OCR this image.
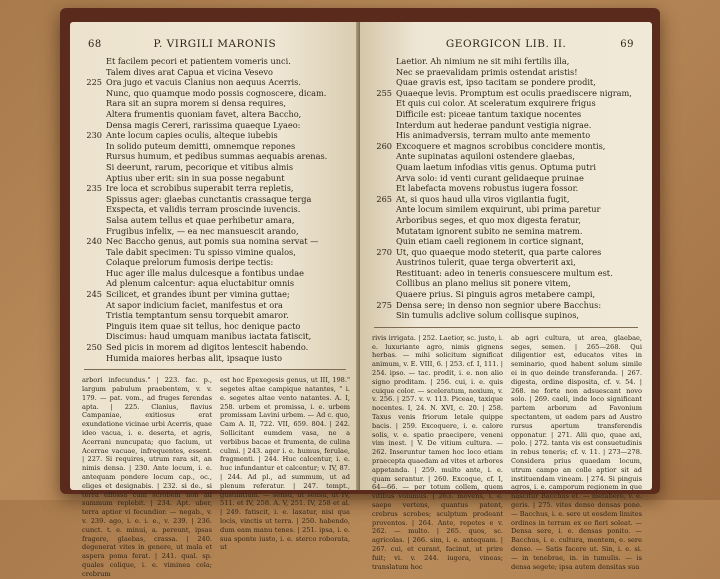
68	P. VIRGILI MARONIS
Et facilem pecori et patientem vomeris unci.
Talem dives arat Capua et vicina Vesevo
225 Ora jugo et vacuis Clanius non aequus Acerris.
Nunc, quo quamque modo possis cognoscere, dicam.
Rara sit an supra morem si densa requires,
Altera frumentis quoniam favet, altera Baccho,
Densa magis Cereri, rarissima quaeque Lyaeo:
230 Ante locum capies oculis, alteque iubebis
In solido puteum demitti, omnemque repones
Rursus humum, et pedibus summas aequabis arenas.
Si deerunt, rarum, pecorique et vitibus almis
Aptius uber erit: sin in sua posse negabunt
235 Ire loca et scrobibus superabit terra repletis,
Spissus ager: glaebas cunctantis crassaque terga
Exspecta, et validis terram proscinde iuvencis.
Salsa autem tellus et quae perhibetur amara,
Frugibus infelix, — ea nec mansuescit arando,
240 Nec Baccho genus, aut pomis sua nomina servat —
Tale dabit specimen: Tu spisso vimine qualos,
Colaque prelorum fumosis deripe tectis:
Huc ager ille malus dulcesque a fontibus undae
Ad plenum calcentur: aqua eluctabitur omnis
245 Scilicet, et grandes ibunt per vimina guttae;
At sapor indicium faciet, manifestus et ora
Tristia temptantum sensu torquebit amaror.
Pinguis item quae sit tellus, hoc denique pacto
Discimus: haud umquam manibus iactata fatiscit,
250 Sed picis in morem ad digitos lentescit habendo.
Humida maiores herbas alit, ipsaque iusto

arbori infecundus." | 223. fac. p., largum pabulum praebentem, v. v. 179. — pat. vom., ad fruges ferendas apta. | 225. Clanius, flavius Campaniae, exitiosus erat exundatione vicinae urbi Acerris, quae ideo vacua, i. e. deserta, et agris, Acerrani nuncupata; quo facium, ut Acerrae vacuae, infrequentes, essent. | 227. Si requires, utrum rara sit, an nimis densa. | 230. Ante locum, i. e. antequam pondere locum cap., oc., eliges et designabis. | 232. si de., si terra effossa cum scrobem non ad summum replebit. | 234. Apt. uber, terra aptior vi fecundior. — negab., v. v. 239. ago, i. e. i. e., v. 239. | 236. cunct. t. e. minui, a. pereunt, ipsas fragere, glaebas, crassa. | 240. degenerat vites in genere, ut mala et aspera poma ferat. | 241. qual. sp. quales colique, i. e. viminea cola; crebrum

est hoc Epexegesis genus, ut III, 198." segetes altae campique natantes, " i. e. segetes altae vento natantes. A. I, 258. urbem et promissa, i. e. urbem promissam Lavini urbem. — Ad c. quo, Cam A. II, 722. VII, 659. 804. | 242. Sollicitant eumdem vasa, ne a verbibus bacae et frumenta, de culina culmi. | 243. ager i. e. humus, ferulae, fragmenti. | 244. Huc calcentur, i. e. huc infundantur et calcentur; v. IV, 87. | 244. Ad pl., ad summum, ut ad plenum referatur. | 247. tempt., gustantium. — sensu, ut sensu, ut IV, 511. et IV, 258. A. V, 251. IV, 258 et al. | 249. fatiscit, i. e. laxatur, nisi qua locis, vinctis ut terra. | 250. habendo, dum eam manu tenes. | 251. ipsa, i. e. sua sponte iusto, i. e. sterco roborata, ut

GEORGICON LIB. II.	69
Laetior. Ah nimium ne sit mihi fertilis illa,
Nec se praevalidam primis ostendat aristis!
Quae gravis est, ipso tacitam se pondere prodit,
255 Quaeque levis. Promptum est oculis praediscere nigram,
Et quis cui color. At sceleratum exquirere frigus
Difficile est: piceae tantum taxique nocentes
Interdum aut hederae pandunt vestigia nigrae.
His animadversis, terram multo ante memento
260 Excoquere et magnos scrobibus concidere montis,
Ante supinatas aquiloni ostendere glaebas,
Quam laetum infodias vitis genus. Optuma putri
Arva solo: id venti curant gelidaeque pruinae
Et labefacta movens robustus iugera fossor.
265 At, si quos haud ulla viros vigilantia fugit,
Ante locum similem exquirunt, ubi prima paretur
Arboribus seges, et quo mox digesta feratur,
Mutatam ignorent subito ne semina matrem.
Quin etiam caeli regionem in cortice signant,
270 Ut, quo quaeque modo steterit, qua parte calores
Austrinos tulerit, quae terga obverterit axi,
Restituant: adeo in teneris consuescere multum est.
Collibus an plano melius sit ponere vitem,
Quaere prius. Si pinguis agros metabere campi,
275 Densa sere; in denso non segnior ubere Bacchus:
Sin tumulis adclive solum collisque supinos,

rivis irrigata. | 252. Laetior, sc. justo, i. e. luxuriante agro, nimis gignens herbas. — mihi solicitum significat animum, v. E. VIII, 6. | 253. cf. I, 111. | 254. ipso. — tac. prodit, i. e. non alio signo proditam. | 256. cui, i. e. quis cuique color. — sceleratum, noxium, v. v. 256. | 257. v. v. 113. Piceae, taxique nocentes. I, 24. N. XVI, c. 20. | 258. Taxus venis friorum letale quippe bacis. | 259. Excoquere, i. e. calore solis, v. e. spatio praecipere, veneni vim inest. | V. De vitium cultura. — 262. Inseruntur tamen hoc loco etiam praecepta quaedam ad vites et arbores appetanda. | 259. multo ante, i. e. quam serantur. | 260. Excoque, cf. I, 64—66. — per totum collem, quem vitibus volumus. | 263. movens, i. e. saepe vertens, quantus patent, crebrus scrobes; sculptum prodeant proventos. | 264. Ante, repetes e v. 262. — multo. | 265. quos, sc. agricolas. | 266. sim, i. e. antequam. | 267. cui, et curant, facinut, ut prire fuit; vi. v. 244. iugera, vineas; translatum hoc

ab agri cultura, ut area, glaebae, seges, semen. | 265—268. Qui diligentior est, educatos vites in seminario, quod habent solum simile ei in quo deinde transferanda. | 267. digesta, ordine disposita, cf. v. 54. | 268. ne forte non adsuescant novo solo. | 269. caeli, inde loco significant partem arborum ad Favonium spectantem, ut eadem pars ad Austro rursus apertum transferendis opponatur. | 271. Alii quo, quae axi, polo. | 272. tanta vis est consuetudinis in rebus teneris; cf. v. 11. | 273—278. Considera prius quaedam locum, utrum campo an colle aptior sit ad instituendam vineam. | 274. Si pinguis agros, i. e. camporum regionem in que nascitur Bacchus et. — metabere, v. e. geris. | 275. vites denso densas pone. — Bacchus, i. e. sere ut eosdem limites ordines in terram ex eo fieri soleat. — Densa sere, i. e. densas ponito. — Bacchus, i. e. cultura, mentem, e. sere denso. — Satis facere ut. Sin, i. e. si. — in tenebrae, in. in tumulis. — is densa segete; ipsa autem densitas sua
